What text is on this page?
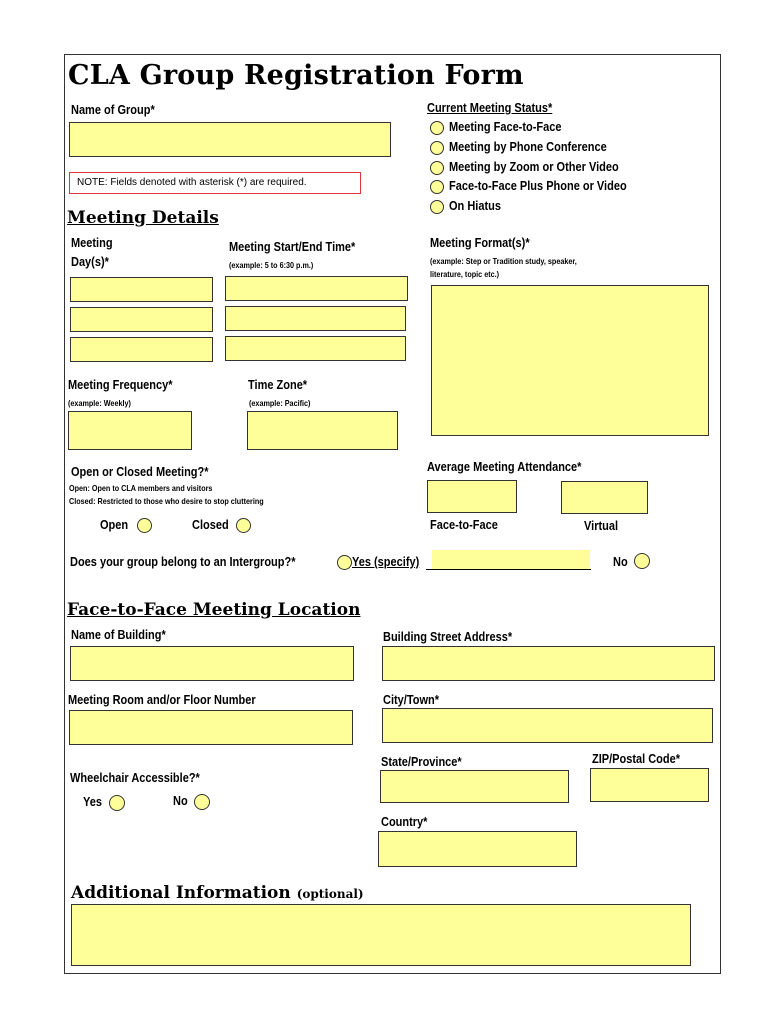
CLA Group Registration Form
Name of Group*
NOTE: Fields denoted with asterisk (*) are required.
Current Meeting Status*
Meeting Face-to-Face
Meeting by Phone Conference
Meeting by Zoom or Other Video
Face-to-Face Plus Phone or Video
On Hiatus
Meeting Details
Meeting
Day(s)*
Meeting Start/End Time*
(example: 5 to 6:30 p.m.)
Meeting Format(s)*
(example: Step or Tradition study, speaker,
literature, topic etc.)
Meeting Frequency*
(example: Weekly)
Time Zone*
(example: Pacific)
Open or Closed Meeting?*
Open: Open to CLA members and visitors
Closed: Restricted to those who desire to stop cluttering
Open	Closed
Average Meeting Attendance*
Face-to-Face	Virtual
Does your group belong to an Intergroup?*	Yes (specify)	No
Face-to-Face Meeting Location
Name of Building*	Building Street Address*
Meeting Room and/or Floor Number	City/Town*
State/Province*	ZIP/Postal Code*
Wheelchair Accessible?*
Yes	No
Country*
Additional Information (optional)
